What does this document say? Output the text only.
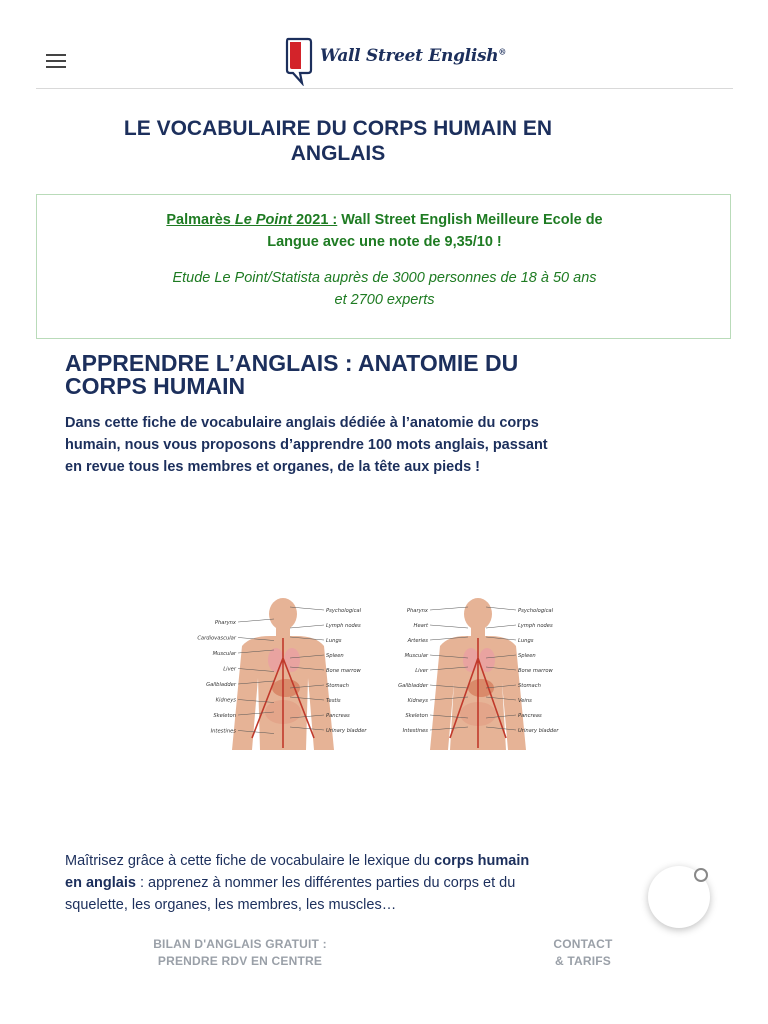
Wall Street English®
LE VOCABULAIRE DU CORPS HUMAIN EN
ANGLAIS
Palmarès Le Point 2021 : Wall Street English Meilleure Ecole de
Langue avec une note de 9,35/10 !
Etude Le Point/Statista auprès de 3000 personnes de 18 à 50 ans
et 2700 experts
APPRENDRE L’ANGLAIS : ANATOMIE DU
CORPS HUMAIN

Dans cette fiche de vocabulaire anglais dédiée à l’anatomie du corps
humain, nous vous proposons d’apprendre 100 mots anglais, passant
en revue tous les membres et organes, de la tête aux pieds !

Pharynx
Cardiovascular
Muscular
Liver
Gallbladder
Kidneys
Skeleton
Intestines
Psychological
Lymph nodes
Lungs
Spleen
Bone marrow
Stomach
Testis
Pancreas
Urinary bladder
Pharynx
Heart
Arteries
Muscular
Liver
Gallbladder
Kidneys
Skeleton
Intestines
Psychological
Lymph nodes
Lungs
Spleen
Bone marrow
Stomach
Veins
Pancreas
Urinary bladder

Maîtrisez grâce à cette fiche de vocabulaire le lexique du corps humain
en anglais : apprenez à nommer les différentes parties du corps et du
squelette, les organes, les membres, les muscles…

BILAN D'ANGLAIS GRATUIT :
PRENDRE RDV EN CENTRE
CONTACT
& TARIFS
